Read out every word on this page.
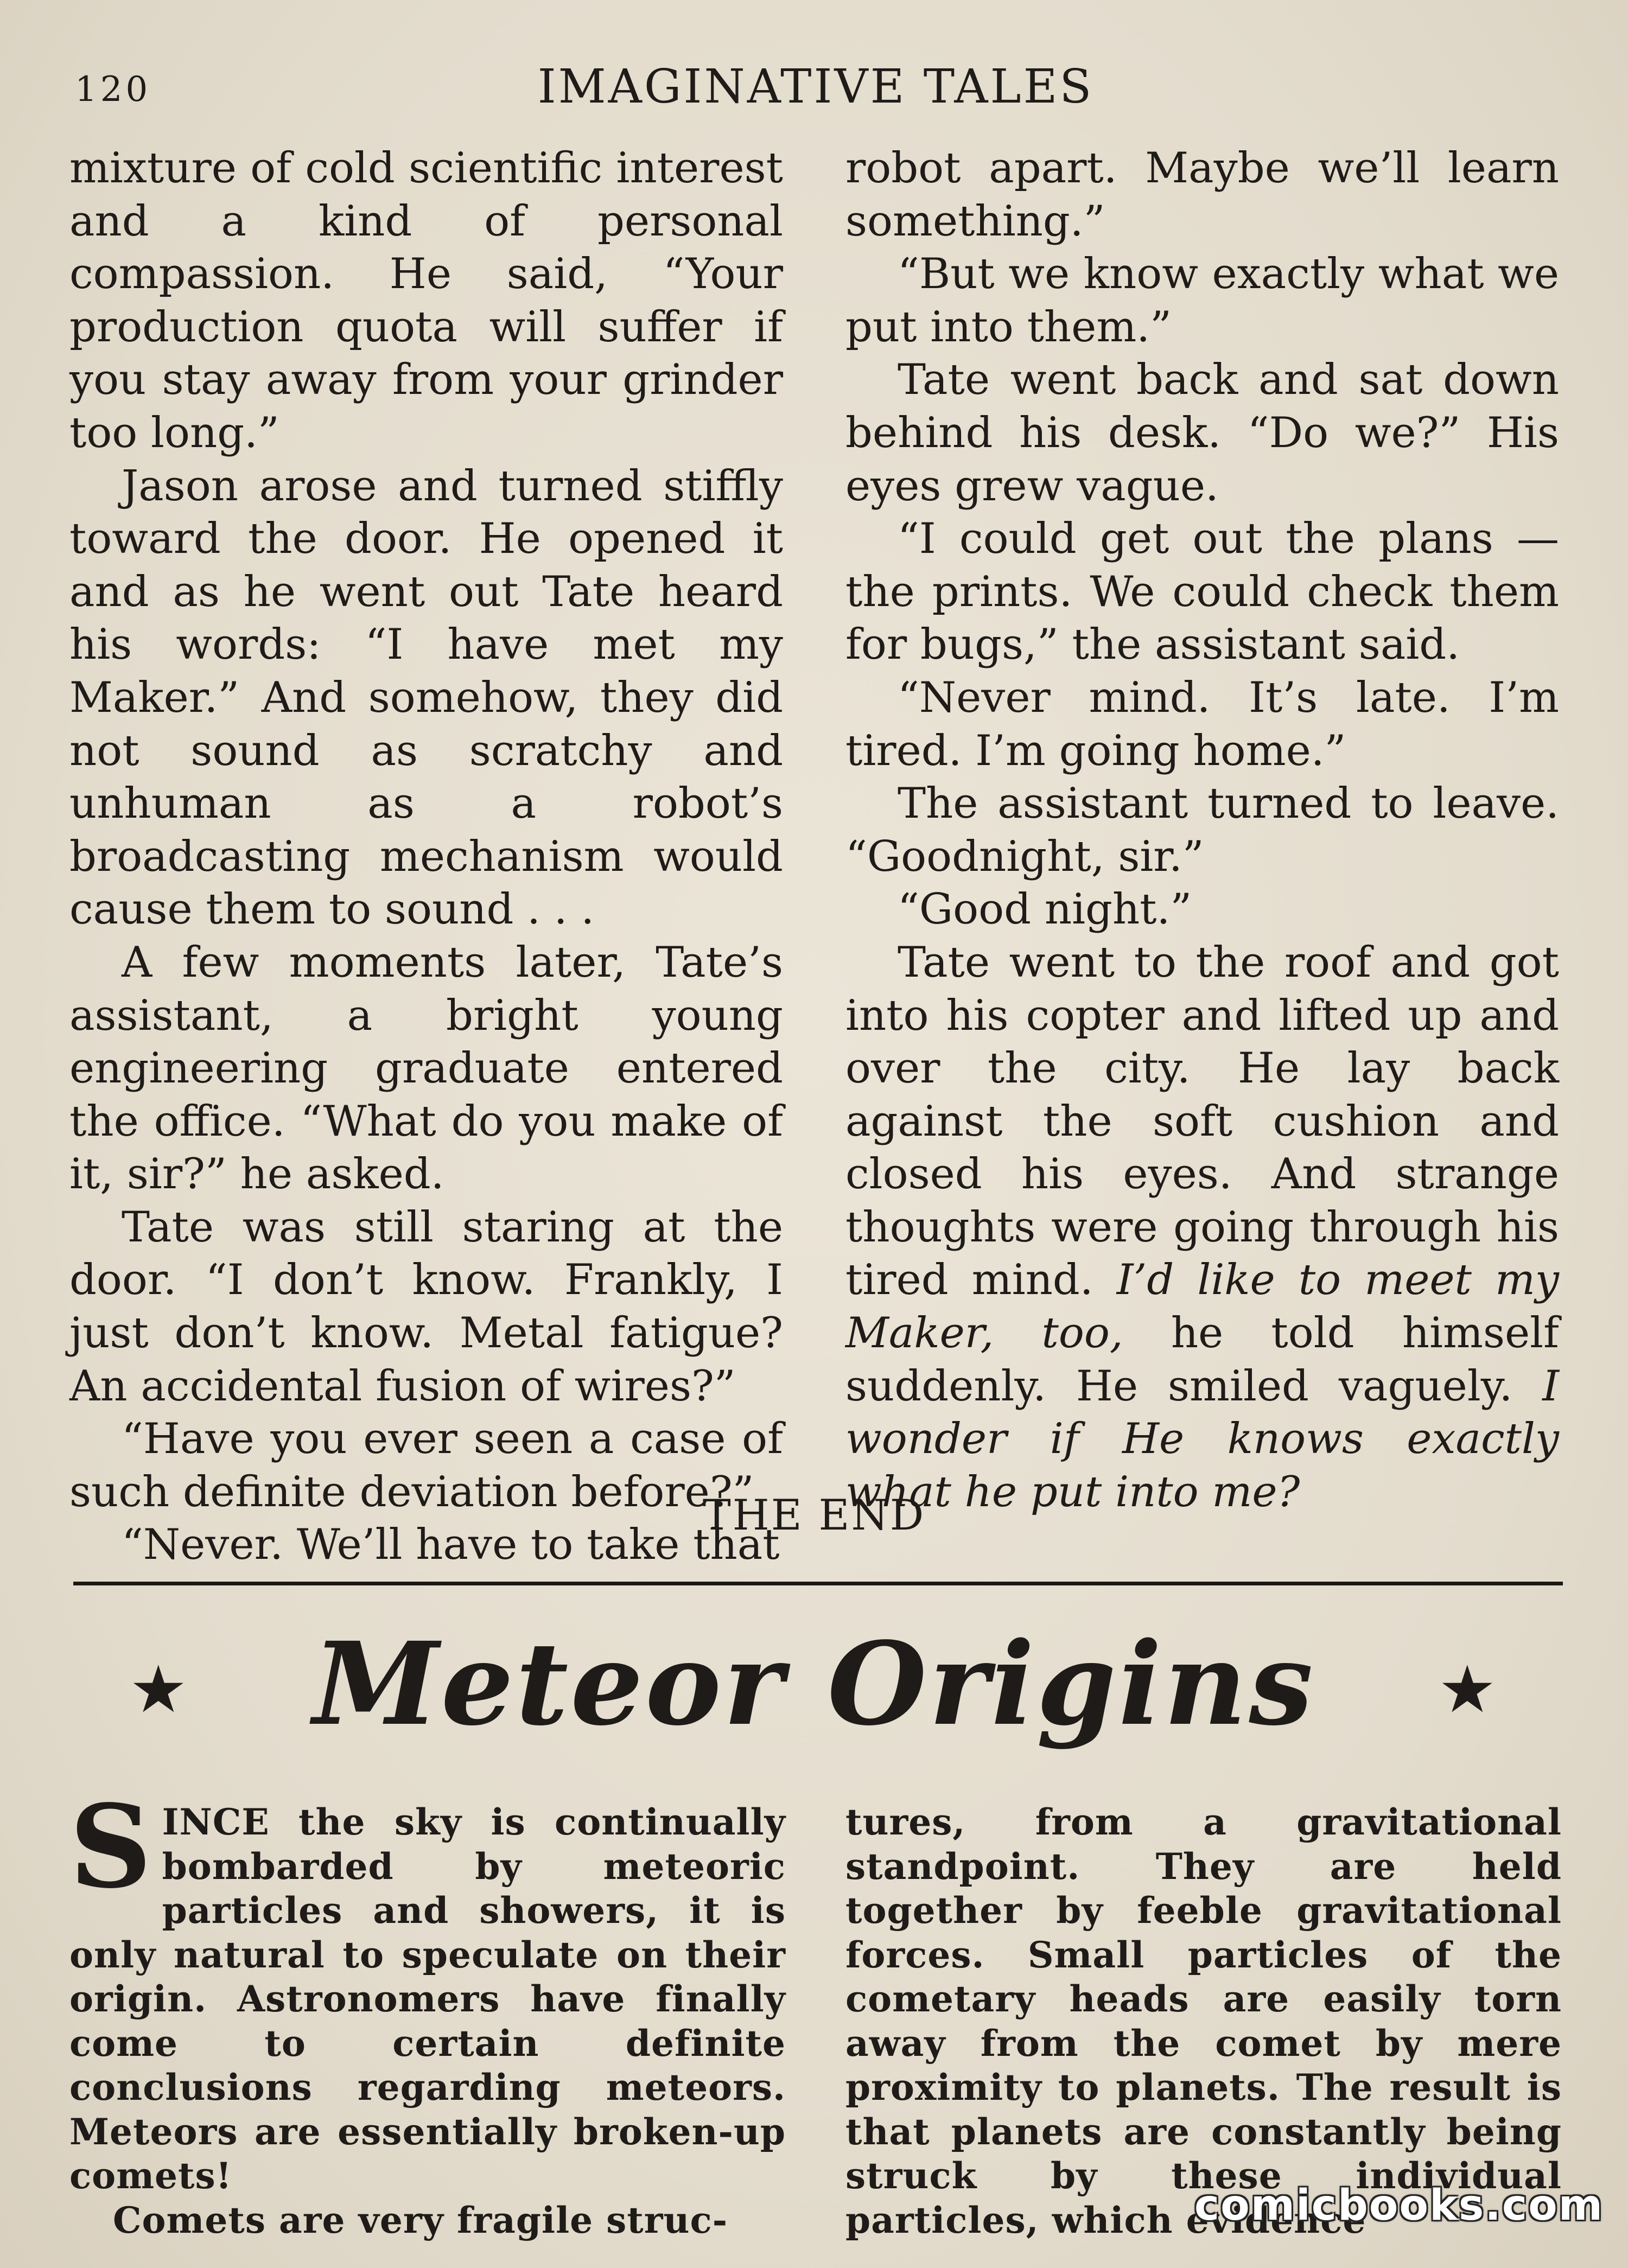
120	IMAGINATIVE TALES

mixture of cold scientific interest and a kind of personal compassion. He said, “Your production quota will suffer if you stay away from your grinder too long.”

Jason arose and turned stiffly toward the door. He opened it and as he went out Tate heard his words: “I have met my Maker.” And somehow, they did not sound as scratchy and unhuman as a robot’s broadcasting mechanism would cause them to sound . . .

A few moments later, Tate’s assistant, a bright young engineering graduate entered the office. “What do you make of it, sir?” he asked.

Tate was still staring at the door. “I don’t know. Frankly, I just don’t know. Metal fatigue? An accidental fusion of wires?”

“Have you ever seen a case of such definite deviation before?”

“Never. We’ll have to take that

robot apart. Maybe we’ll learn something.”

“But we know exactly what we put into them.”

Tate went back and sat down behind his desk. “Do we?” His eyes grew vague.

“I could get out the plans —the prints. We could check them for bugs,” the assistant said.

“Never mind. It’s late. I’m tired. I’m going home.”

The assistant turned to leave. “Goodnight, sir.”

“Good night.”

Tate went to the roof and got into his copter and lifted up and over the city. He lay back against the soft cushion and closed his eyes. And strange thoughts were going through his tired mind. I’d like to meet my Maker, too, he told himself suddenly. He smiled vaguely. I wonder if He knows exactly what he put into me?

THE END
★	Meteor Origins	★

SINCE the sky is continually bombarded by meteoric particles and showers, it is only natural to speculate on their origin. Astronomers have finally come to certain definite conclusions regarding meteors. Meteors are essentially broken-up comets!

Comets are very fragile struc-

tures, from a gravitational standpoint. They are held together by feeble gravitational forces. Small particles of the cometary heads are easily torn away from the comet by mere proximity to planets. The result is that planets are constantly being struck by these individual particles, which evidence

comicbooks.com
